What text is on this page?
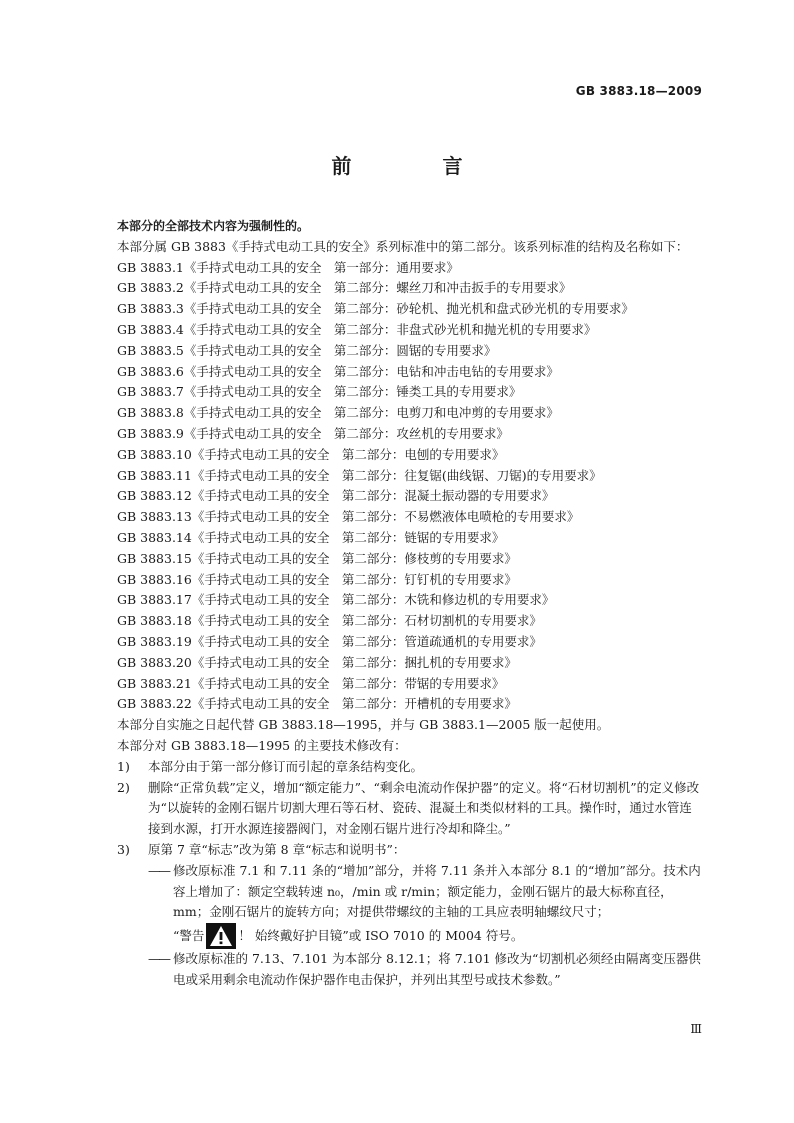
GB 3883.18—2009
前 言

本部分的全部技术内容为强制性的。

本部分属 GB 3883《手持式电动工具的安全》系列标准中的第二部分。该系列标准的结构及名称如下：

GB 3883.1《手持式电动工具的安全　第一部分：通用要求》

GB 3883.2《手持式电动工具的安全　第二部分：螺丝刀和冲击扳手的专用要求》

GB 3883.3《手持式电动工具的安全　第二部分：砂轮机、抛光机和盘式砂光机的专用要求》

GB 3883.4《手持式电动工具的安全　第二部分：非盘式砂光机和抛光机的专用要求》

GB 3883.5《手持式电动工具的安全　第二部分：圆锯的专用要求》

GB 3883.6《手持式电动工具的安全　第二部分：电钻和冲击电钻的专用要求》

GB 3883.7《手持式电动工具的安全　第二部分：锤类工具的专用要求》

GB 3883.8《手持式电动工具的安全　第二部分：电剪刀和电冲剪的专用要求》

GB 3883.9《手持式电动工具的安全　第二部分：攻丝机的专用要求》

GB 3883.10《手持式电动工具的安全　第二部分：电刨的专用要求》

GB 3883.11《手持式电动工具的安全　第二部分：往复锯(曲线锯、刀锯)的专用要求》

GB 3883.12《手持式电动工具的安全　第二部分：混凝土振动器的专用要求》

GB 3883.13《手持式电动工具的安全　第二部分：不易燃液体电喷枪的专用要求》

GB 3883.14《手持式电动工具的安全　第二部分：链锯的专用要求》

GB 3883.15《手持式电动工具的安全　第二部分：修枝剪的专用要求》

GB 3883.16《手持式电动工具的安全　第二部分：钉钉机的专用要求》

GB 3883.17《手持式电动工具的安全　第二部分：木铣和修边机的专用要求》

GB 3883.18《手持式电动工具的安全　第二部分：石材切割机的专用要求》

GB 3883.19《手持式电动工具的安全　第二部分：管道疏通机的专用要求》

GB 3883.20《手持式电动工具的安全　第二部分：捆扎机的专用要求》

GB 3883.21《手持式电动工具的安全　第二部分：带锯的专用要求》

GB 3883.22《手持式电动工具的安全　第二部分：开槽机的专用要求》

本部分自实施之日起代替 GB 3883.18—1995，并与 GB 3883.1—2005 版一起使用。

本部分对 GB 3883.18—1995 的主要技术修改有：

1)	本部分由于第一部分修订而引起的章条结构变化。
2)	删除“正常负载”定义，增加“额定能力”、“剩余电流动作保护器”的定义。将“石材切割机”的定义修改为“以旋转的金刚石锯片切割大理石等石材、瓷砖、混凝土和类似材料的工具。操作时，通过水管连接到水源，打开水源连接器阀门，对金刚石锯片进行冷却和降尘。”
3)	原第 7 章“标志”改为第 8 章“标志和说明书”：
—— 修改原标准 7.1 和 7.11 条的“增加”部分，并将 7.11 条并入本部分 8.1 的“增加”部分。技术内容上增加了：额定空载转速 n₀，/min 或 r/min；额定能力，金刚石锯片的最大标称直径，mm；金刚石锯片的旋转方向；对提供带螺纹的主轴的工具应表明轴螺纹尺寸；

“警告	！ 始终戴好护目镜”或 ISO 7010 的 M004 符号。
—— 修改原标准的 7.13、7.101 为本部分 8.12.1；将 7.101 修改为“切割机必须经由隔离变压器供电或采用剩余电流动作保护器作电击保护，并列出其型号或技术参数。”
Ⅲ
